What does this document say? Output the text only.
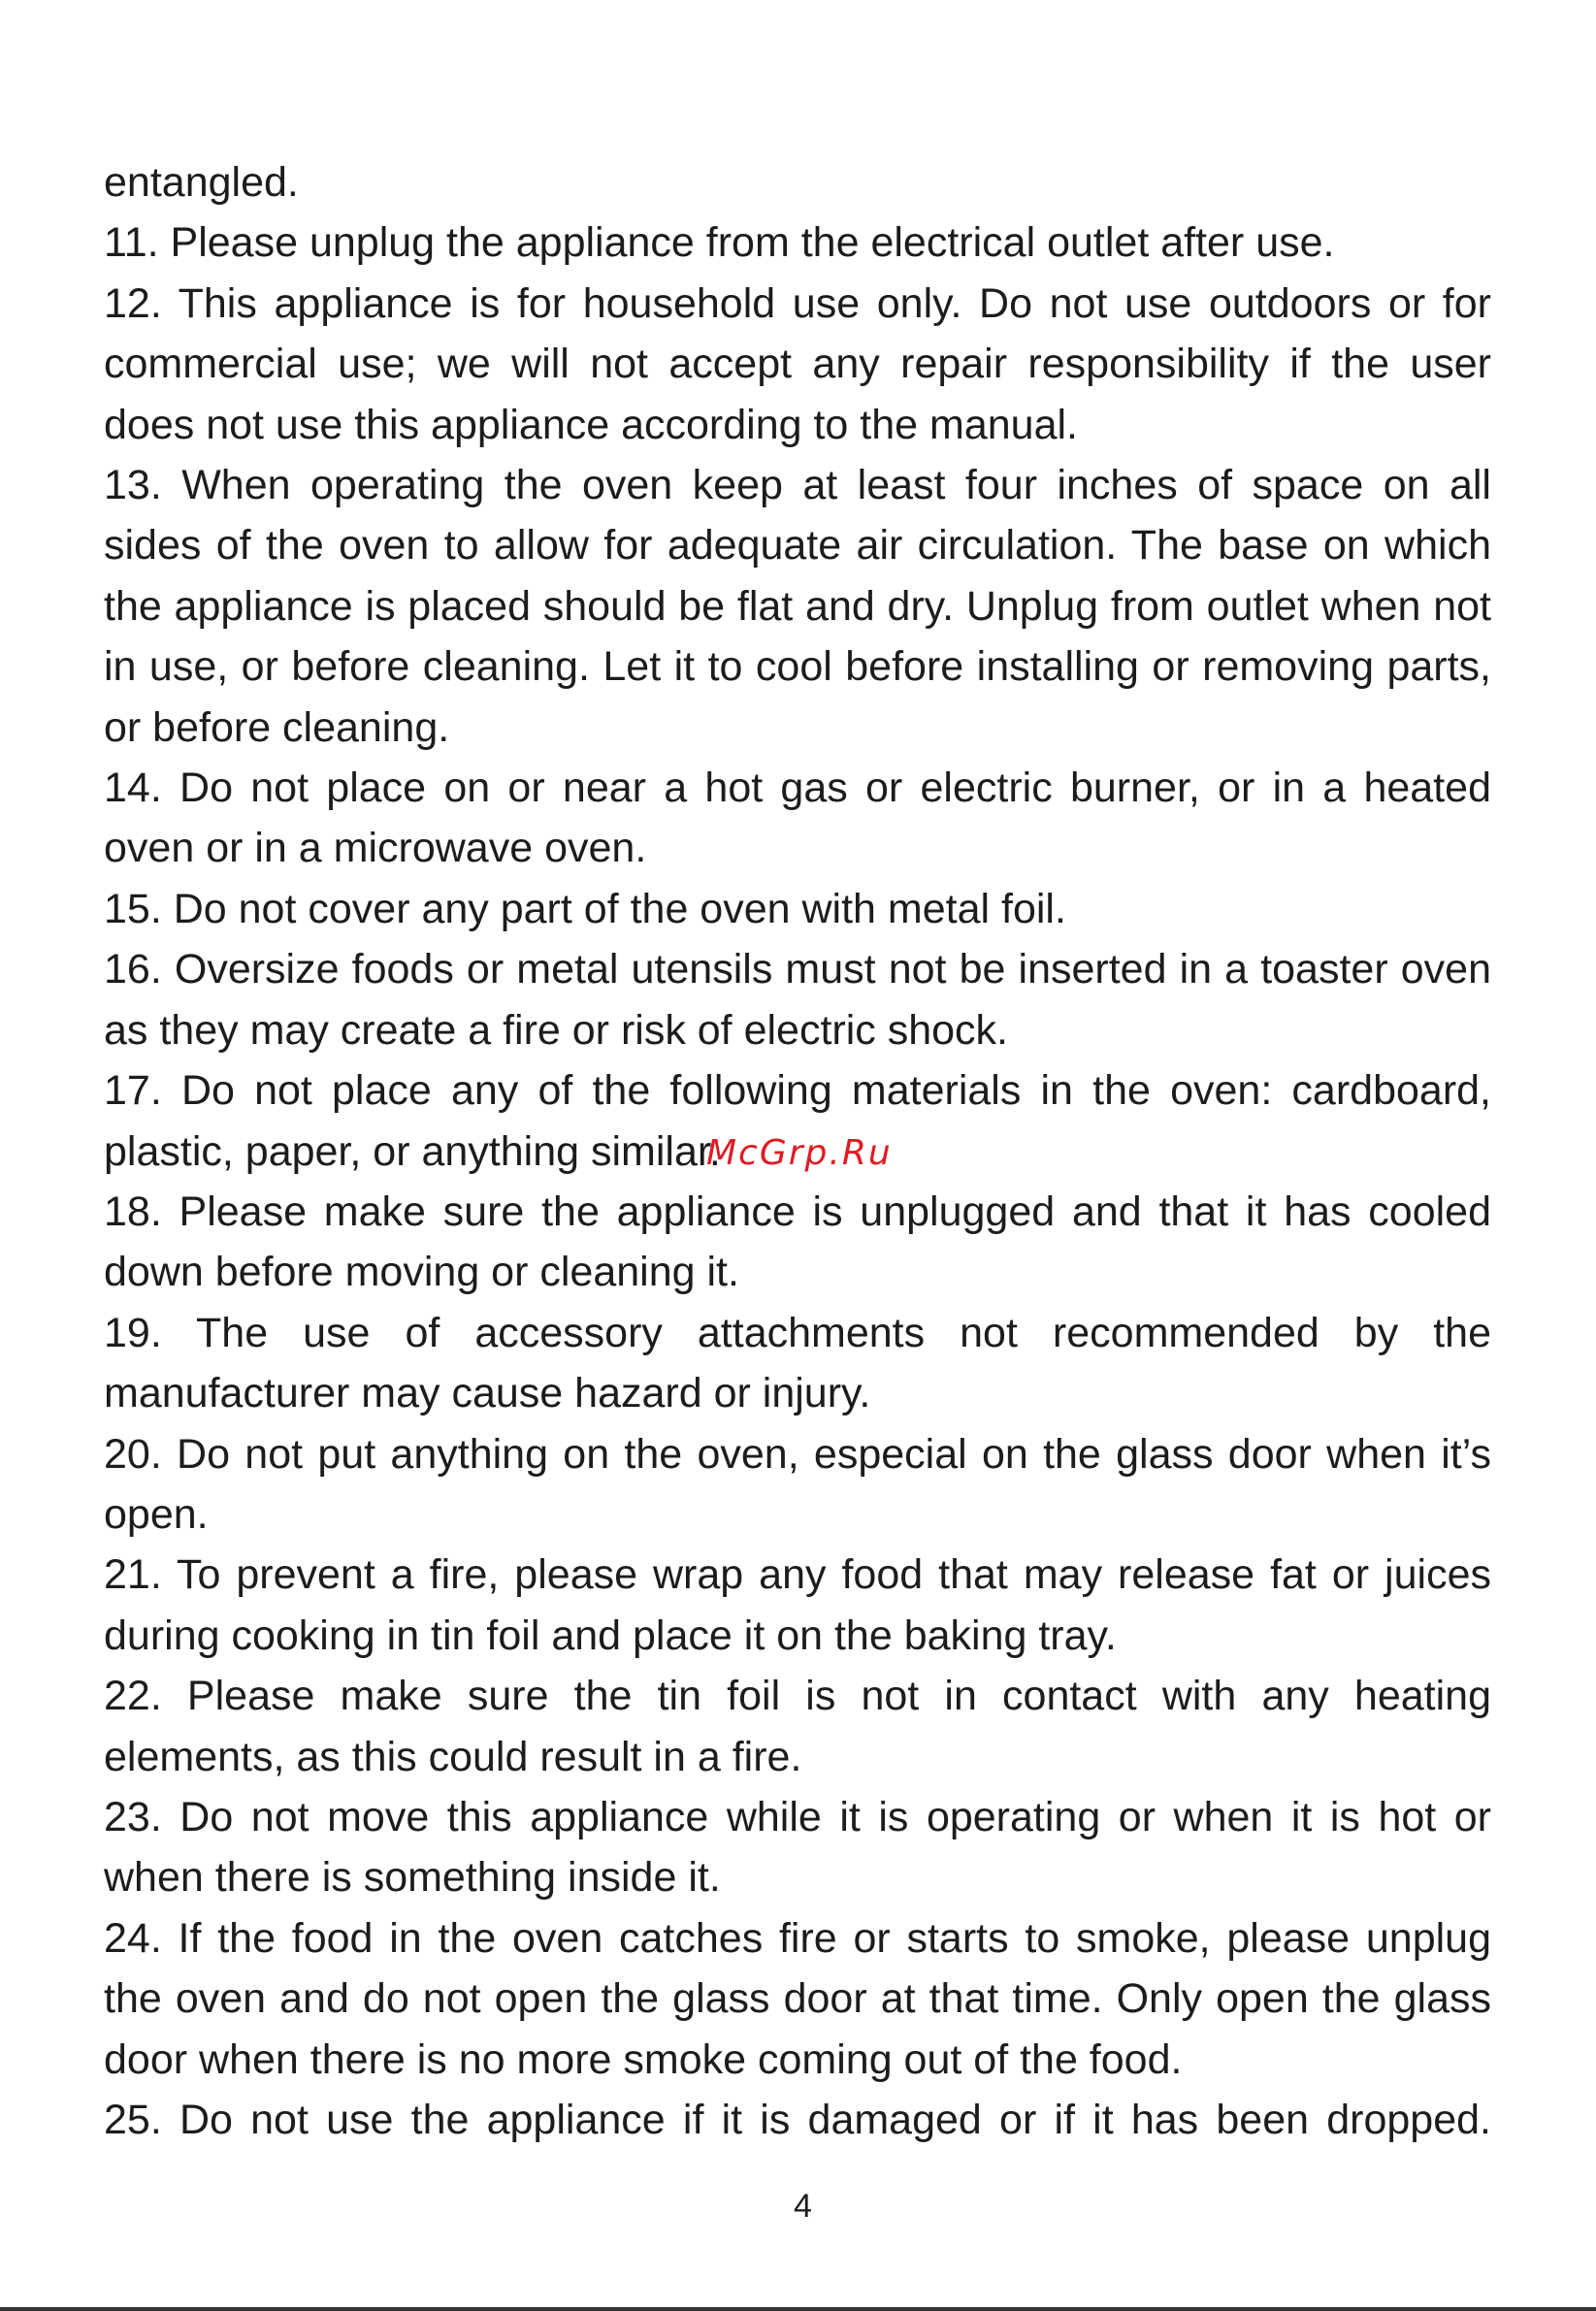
entangled.

11. Please unplug the appliance from the electrical outlet after use.

12. This appliance is for household use only. Do not use outdoors or for commercial use; we will not accept any repair responsibility if the user does not use this appliance according to the manual.

13. When operating the oven keep at least four inches of space on all sides of the oven to allow for adequate air circulation. The base on which the appliance is placed should be flat and dry. Unplug from outlet when not in use, or before cleaning. Let it to cool before installing or removing parts, or before cleaning.

14. Do not place on or near a hot gas or electric burner, or in a heated oven or in a microwave oven.

15. Do not cover any part of the oven with metal foil.

16. Oversize foods or metal utensils must not be inserted in a toaster oven as they may create a fire or risk of electric shock.

17. Do not place any of the following materials in the oven: cardboard, plastic, paper, or anything similar.

18. Please make sure the appliance is unplugged and that it has cooled down before moving or cleaning it.

19. The use of accessory attachments not recommended by the manufacturer may cause hazard or injury.

20. Do not put anything on the oven, especial on the glass door when it’s open.

21. To prevent a fire, please wrap any food that may release fat or juices during cooking in tin foil and place it on the baking tray.

22. Please make sure the tin foil is not in contact with any heating elements, as this could result in a fire.

23. Do not move this appliance while it is operating or when it is hot or when there is something inside it.

24. If the food in the oven catches fire or starts to smoke, please unplug the oven and do not open the glass door at that time. Only open the glass door when there is no more smoke coming out of the food.

25. Do not use the appliance if it is damaged or if it has been dropped.

McGrp.Ru
4
